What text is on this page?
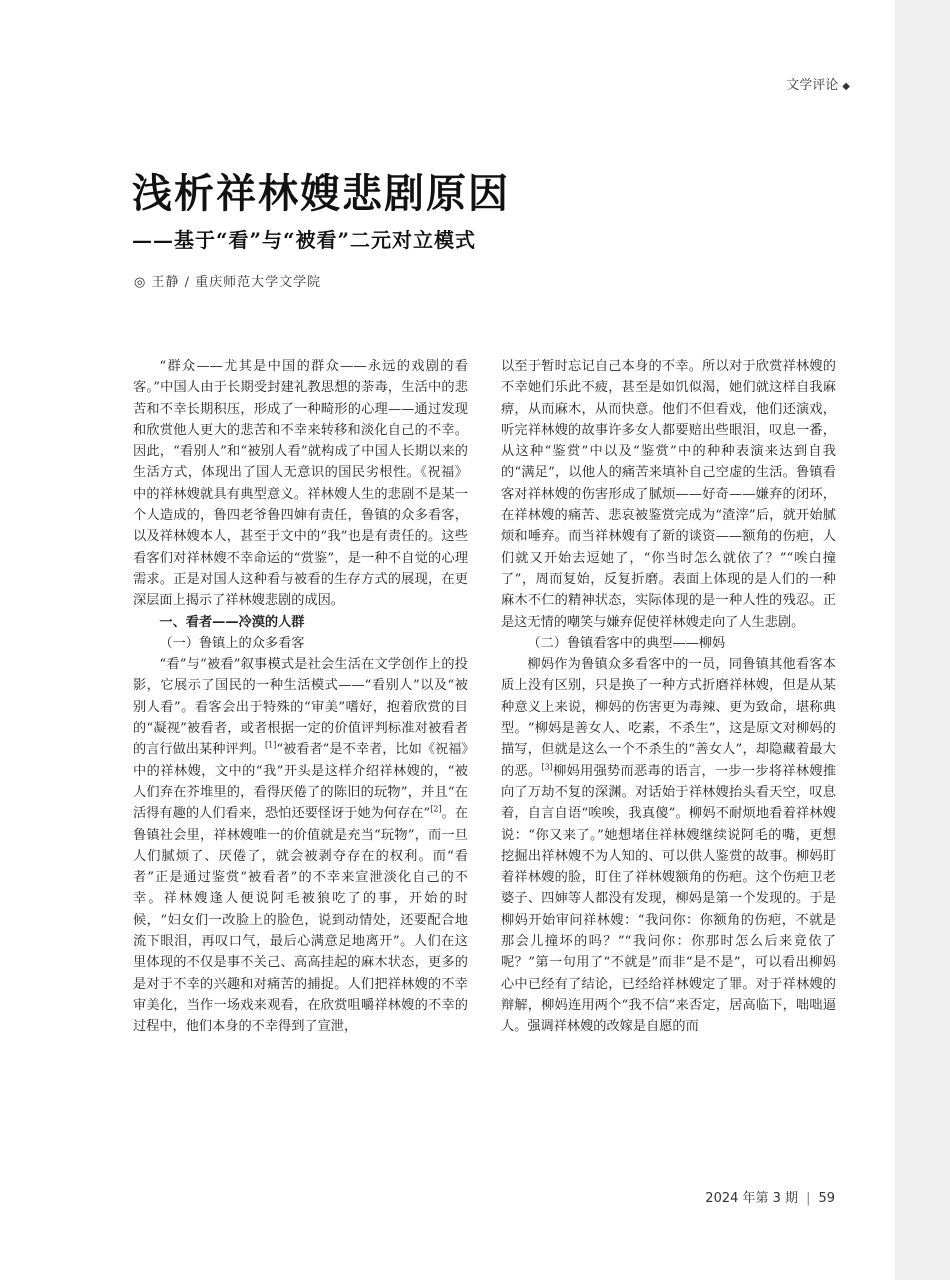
文学评论 ◆
浅析祥林嫂悲剧原因
——基于“看”与“被看”二元对立模式
◎ 王静 / 重庆师范大学文学院

“群众——尤其是中国的群众——永远的戏剧的看客。”中国人由于长期受封建礼教思想的荼毒，生活中的悲苦和不幸长期积压，形成了一种畸形的心理——通过发现和欣赏他人更大的悲苦和不幸来转移和淡化自己的不幸。因此，“看别人”和“被别人看”就构成了中国人长期以来的生活方式，体现出了国人无意识的国民劣根性。《祝福》中的祥林嫂就具有典型意义。祥林嫂人生的悲剧不是某一个人造成的，鲁四老爷鲁四婶有责任，鲁镇的众多看客，以及祥林嫂本人，甚至于文中的“我”也是有责任的。这些看客们对祥林嫂不幸命运的“赏鉴”，是一种不自觉的心理需求。正是对国人这种看与被看的生存方式的展现，在更深层面上揭示了祥林嫂悲剧的成因。

一、看者——冷漠的人群
（一）鲁镇上的众多看客

“看”与“被看”叙事模式是社会生活在文学创作上的投影，它展示了国民的一种生活模式——“看别人”以及“被别人看”。看客会出于特殊的“审美”嗜好，抱着欣赏的目的“凝视”被看者，或者根据一定的价值评判标准对被看者的言行做出某种评判。[1]“被看者”是不幸者，比如《祝福》中的祥林嫂，文中的“我”开头是这样介绍祥林嫂的，“被人们弃在芥堆里的，看得厌倦了的陈旧的玩物”，并且“在活得有趣的人们看来，恐怕还要怪讶于她为何存在”[2]。在鲁镇社会里，祥林嫂唯一的价值就是充当“玩物”，而一旦人们腻烦了、厌倦了，就会被剥夺存在的权利。而“看者”正是通过鉴赏“被看者”的不幸来宣泄淡化自己的不幸。祥林嫂逢人便说阿毛被狼吃了的事，开始的时候，“妇女们一改脸上的脸色，说到动情处，还要配合地流下眼泪，再叹口气，最后心满意足地离开”。人们在这里体现的不仅是事不关己、高高挂起的麻木状态，更多的是对于不幸的兴趣和对痛苦的捕捉。人们把祥林嫂的不幸审美化，当作一场戏来观看，在欣赏咀嚼祥林嫂的不幸的过程中，他们本身的不幸得到了宣泄，

以至于暂时忘记自己本身的不幸。所以对于欣赏祥林嫂的不幸她们乐此不疲，甚至是如饥似渴，她们就这样自我麻痹，从而麻木，从而快意。他们不但看戏，他们还演戏，听完祥林嫂的故事许多女人都要赔出些眼泪，叹息一番，从这种“鉴赏”中以及“鉴赏”中的种种表演来达到自我的“满足”，以他人的痛苦来填补自己空虚的生活。鲁镇看客对祥林嫂的伤害形成了腻烦——好奇——嫌弃的闭环，在祥林嫂的痛苦、悲哀被鉴赏完成为“渣滓”后，就开始腻烦和唾弃。而当祥林嫂有了新的谈资——额角的伤疤，人们就又开始去逗她了，“你当时怎么就依了？”“唉白撞了”，周而复始，反复折磨。表面上体现的是人们的一种麻木不仁的精神状态，实际体现的是一种人性的残忍。正是这无情的嘲笑与嫌弃促使祥林嫂走向了人生悲剧。

（二）鲁镇看客中的典型——柳妈

柳妈作为鲁镇众多看客中的一员，同鲁镇其他看客本质上没有区别，只是换了一种方式折磨祥林嫂，但是从某种意义上来说，柳妈的伤害更为毒辣、更为致命，堪称典型。“柳妈是善女人、吃素，不杀生”，这是原文对柳妈的描写，但就是这么一个不杀生的“善女人”，却隐藏着最大的恶。[3]柳妈用强势而恶毒的语言，一步一步将祥林嫂推向了万劫不复的深渊。对话始于祥林嫂抬头看天空，叹息着，自言自语“唉唉，我真傻”。柳妈不耐烦地看着祥林嫂说：“你又来了。”她想堵住祥林嫂继续说阿毛的嘴，更想挖掘出祥林嫂不为人知的、可以供人鉴赏的故事。柳妈盯着祥林嫂的脸，盯住了祥林嫂额角的伤疤。这个伤疤卫老婆子、四婶等人都没有发现，柳妈是第一个发现的。于是柳妈开始审问祥林嫂：“我问你：你额角的伤疤，不就是那会儿撞坏的吗？”“我问你：你那时怎么后来竟依了呢？”第一句用了“不就是”而非“是不是”，可以看出柳妈心中已经有了结论，已经给祥林嫂定了罪。对于祥林嫂的辩解，柳妈连用两个“我不信”来否定，居高临下，咄咄逼人。强调祥林嫂的改嫁是自愿的而

2024 年第 3 期 | 59
